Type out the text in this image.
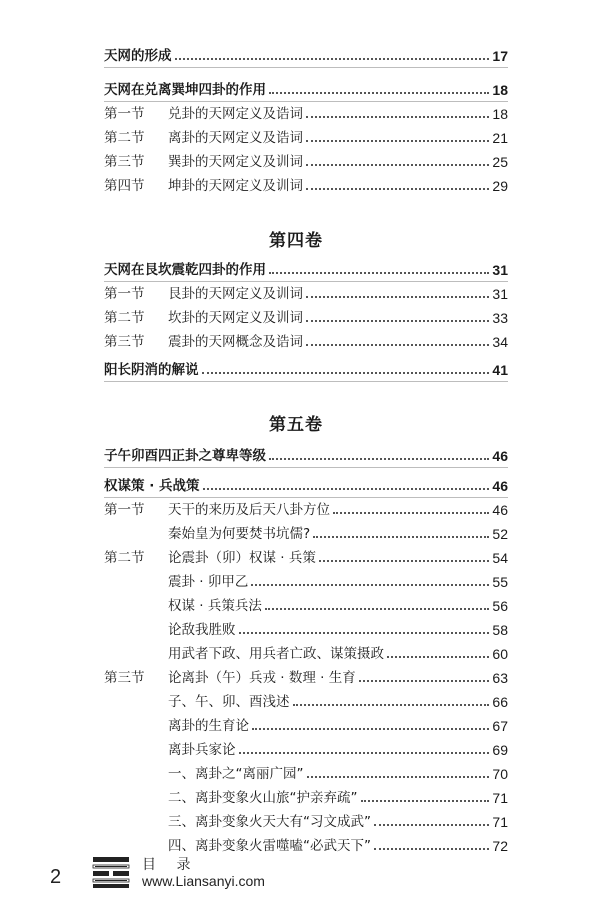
天网的形成	17
天网在兑离巽坤四卦的作用	18
第一节	兑卦的天网定义及诰词	18
第二节	离卦的天网定义及诰词	21
第三节	巽卦的天网定义及训词	25
第四节	坤卦的天网定义及训词	29
第四卷
天网在艮坎震乾四卦的作用	31
第一节	艮卦的天网定义及训词	31
第二节	坎卦的天网定义及训词	33
第三节	震卦的天网概念及诰词	34
阳长阴消的解说	41
第五卷
子午卯酉四正卦之尊卑等级	46
权谋策 · 兵战策	46
第一节	天干的来历及后天八卦方位	46
秦始皇为何要焚书坑儒?	52
第二节	论震卦（卯）权谋 · 兵策	54
震卦 · 卯甲乙	55
权谋 · 兵策兵法	56
论敌我胜败	58
用武者下政、用兵者亡政、谋策摄政	60
第三节	论离卦（午）兵戎 · 数理 · 生育	63
子、午、卯、酉浅述	66
离卦的生育论	67
离卦兵家论	69
一、离卦之“离丽广园”	70
二、离卦变象火山旅“护亲弃疏”	71
三、离卦变象火天大有“习文成武”	71
四、离卦变象火雷噬嗑“必武天下”	72
2
目 录
www.Liansanyi.com
